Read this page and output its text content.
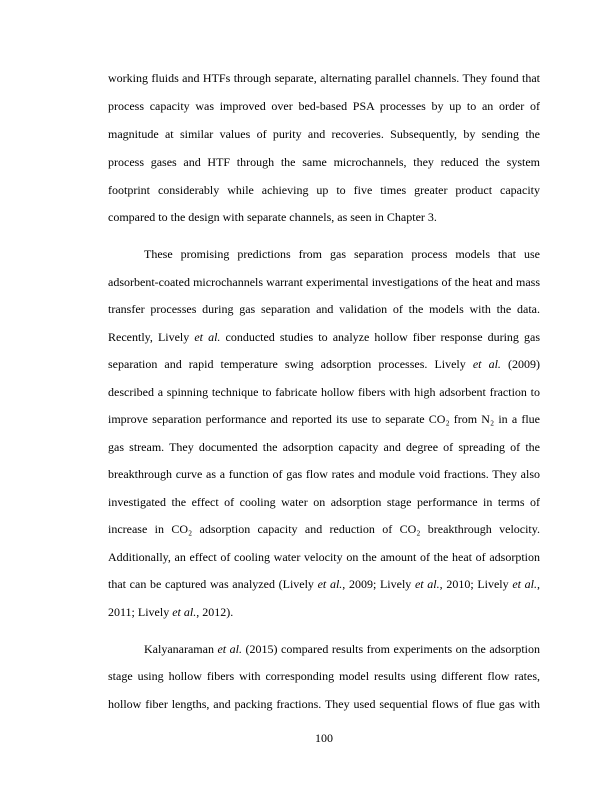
working fluids and HTFs through separate, alternating parallel channels. They found that
process capacity was improved over bed-based PSA processes by up to an order of
magnitude at similar values of purity and recoveries. Subsequently, by sending the
process gases and HTF through the same microchannels, they reduced the system
footprint considerably while achieving up to five times greater product capacity
compared to the design with separate channels, as seen in Chapter 3.
These promising predictions from gas separation process models that use
adsorbent-coated microchannels warrant experimental investigations of the heat and mass
transfer processes during gas separation and validation of the models with the data.
Recently, Lively et al. conducted studies to analyze hollow fiber response during gas
separation and rapid temperature swing adsorption processes. Lively et al. (2009)
described a spinning technique to fabricate hollow fibers with high adsorbent fraction to
improve separation performance and reported its use to separate CO₂ from N₂ in a flue
gas stream. They documented the adsorption capacity and degree of spreading of the
breakthrough curve as a function of gas flow rates and module void fractions. They also
investigated the effect of cooling water on adsorption stage performance in terms of
increase in CO₂ adsorption capacity and reduction of CO₂ breakthrough velocity.
Additionally, an effect of cooling water velocity on the amount of the heat of adsorption
that can be captured was analyzed (Lively et al., 2009; Lively et al., 2010; Lively et al.,
2011; Lively et al., 2012).
Kalyanaraman et al. (2015) compared results from experiments on the adsorption
stage using hollow fibers with corresponding model results using different flow rates,
hollow fiber lengths, and packing fractions. They used sequential flows of flue gas with
100
